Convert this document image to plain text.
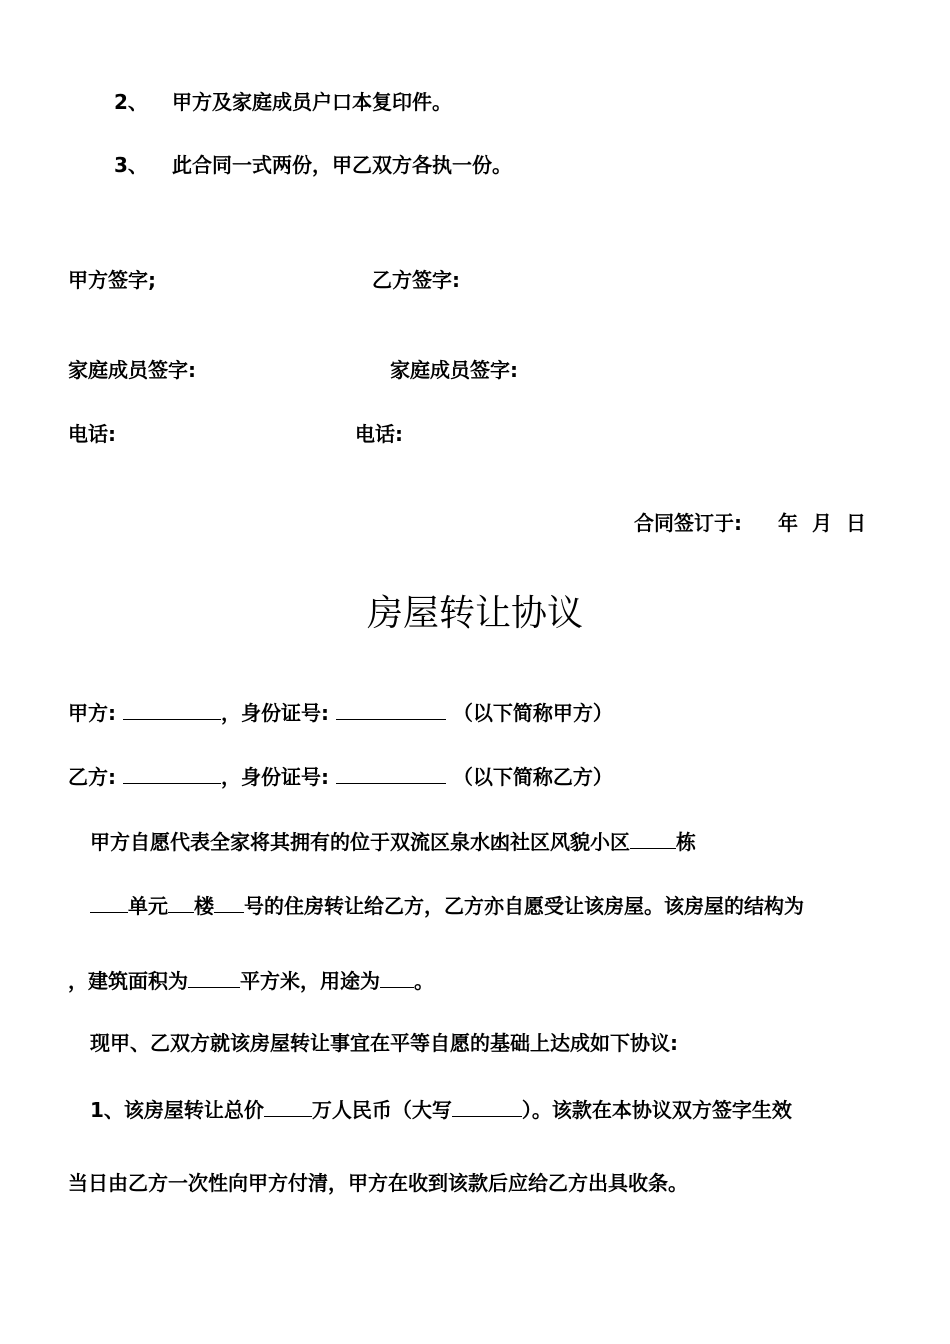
2、 甲方及家庭成员户口本复印件。
3、 此合同一式两份，甲乙双方各执一份。
甲方签字;	乙方签字:
家庭成员签字:	家庭成员签字:
电话:	电话:
合同签订于: 年 月 日
房屋转让协议
甲方:	，身份证号:	（以下简称甲方）
乙方:	，身份证号:	（以下简称乙方）
甲方自愿代表全家将其拥有的位于双流区泉水凼社区风貌小区 栋
单元 楼 号的住房转让给乙方，乙方亦自愿受让该房屋。该房屋的结构为
，建筑面积为	平方米，用途为 。
现甲、乙双方就该房屋转让事宜在平等自愿的基础上达成如下协议:
1、该房屋转让总价 万人民币（大写	）。该款在本协议双方签字生效
当日由乙方一次性向甲方付清，甲方在收到该款后应给乙方出具收条。
